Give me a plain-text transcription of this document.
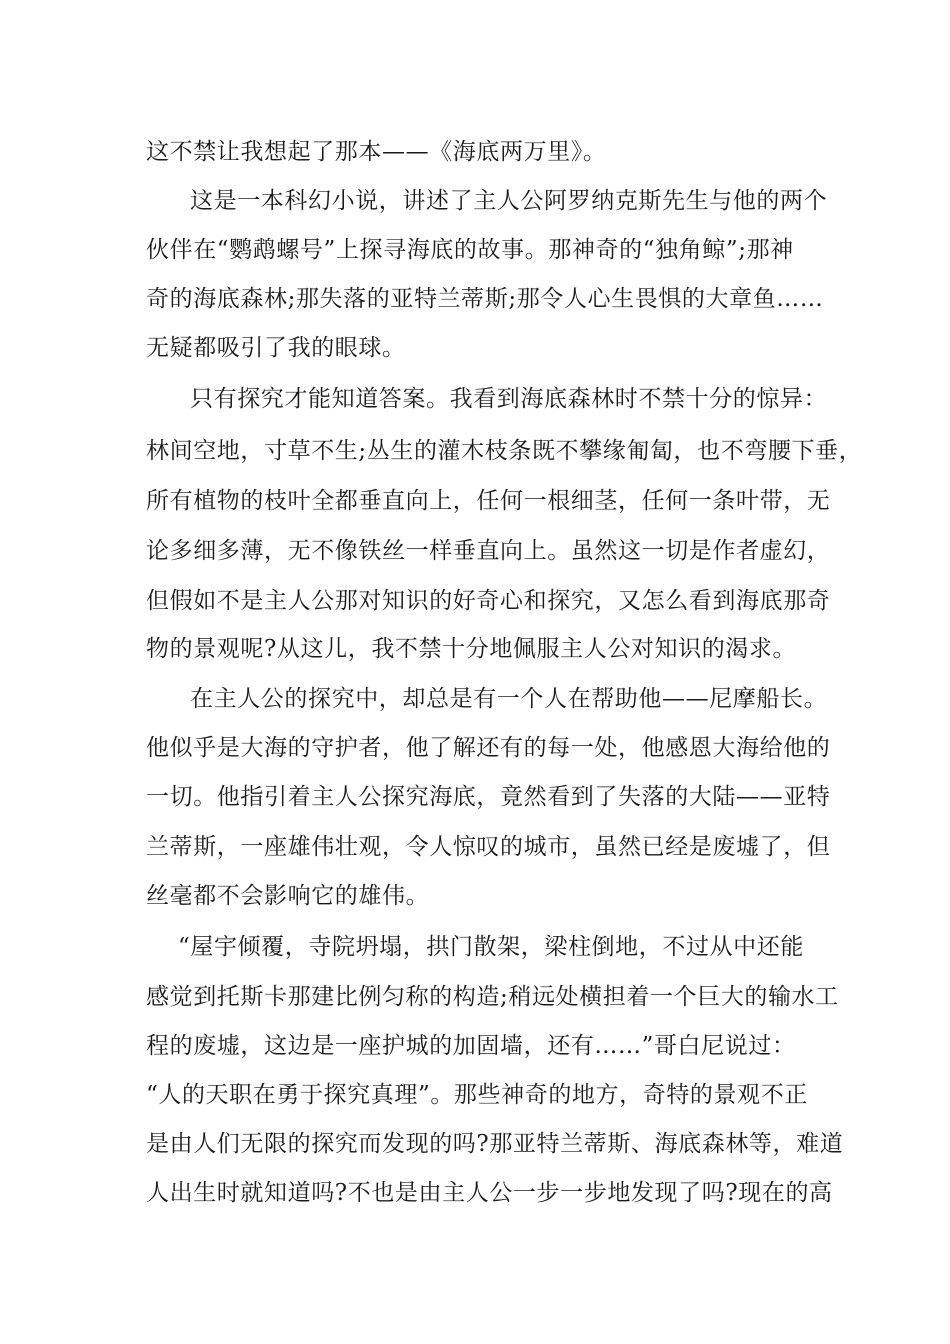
这不禁让我想起了那本——《海底两万里》。
这是一本科幻小说，讲述了主人公阿罗纳克斯先生与他的两个
伙伴在“鹦鹉螺号”上探寻海底的故事。那神奇的“独角鲸”;那神
奇的海底森林;那失落的亚特兰蒂斯;那令人心生畏惧的大章鱼……
无疑都吸引了我的眼球。
只有探究才能知道答案。我看到海底森林时不禁十分的惊异：
林间空地，寸草不生;丛生的灌木枝条既不攀缘匍匐，也不弯腰下垂，
所有植物的枝叶全都垂直向上，任何一根细茎，任何一条叶带，无
论多细多薄，无不像铁丝一样垂直向上。虽然这一切是作者虚幻，
但假如不是主人公那对知识的好奇心和探究，又怎么看到海底那奇
物的景观呢?从这儿，我不禁十分地佩服主人公对知识的渴求。
在主人公的探究中，却总是有一个人在帮助他——尼摩船长。
他似乎是大海的守护者，他了解还有的每一处，他感恩大海给他的
一切。他指引着主人公探究海底，竟然看到了失落的大陆——亚特
兰蒂斯，一座雄伟壮观，令人惊叹的城市，虽然已经是废墟了，但
丝毫都不会影响它的雄伟。
“屋宇倾覆，寺院坍塌，拱门散架，梁柱倒地，不过从中还能
感觉到托斯卡那建比例匀称的构造;稍远处横担着一个巨大的输水工
程的废墟，这边是一座护城的加固墙，还有……”哥白尼说过：
“人的天职在勇于探究真理”。那些神奇的地方，奇特的景观不正
是由人们无限的探究而发现的吗?那亚特兰蒂斯、海底森林等，难道
人出生时就知道吗?不也是由主人公一步一步地发现了吗?现在的高
